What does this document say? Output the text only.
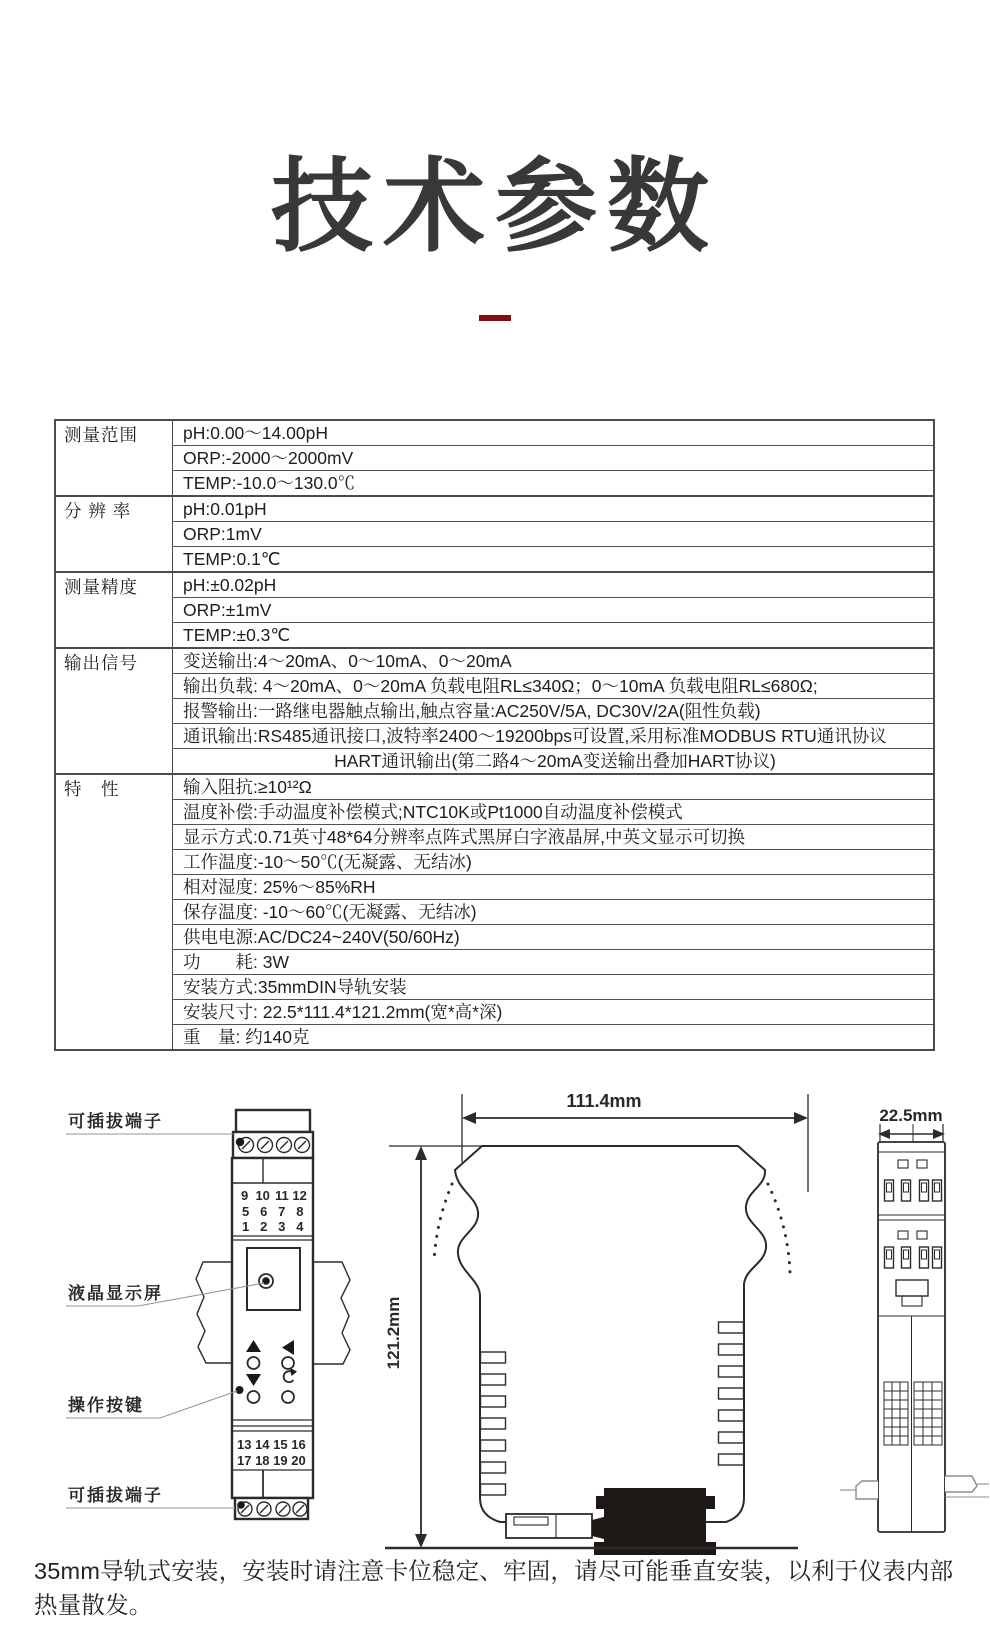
技术参数
测量范围	pH:0.00～14.00pH
	ORP:-2000～2000mV
	TEMP:-10.0～130.0℃
分 辨 率	pH:0.01pH
	ORP:1mV
	TEMP:0.1℃
测量精度	pH:±0.02pH
	ORP:±1mV
	TEMP:±0.3℃
输出信号	变送输出:4～20mA、0～10mA、0～20mA
	输出负载: 4～20mA、0～20mA 负载电阻RL≤340Ω；0～10mA 负载电阻RL≤680Ω;
	报警输出:一路继电器触点输出,触点容量:AC250V/5A, DC30V/2A(阻性负载)
	通讯输出:RS485通讯接口,波特率2400～19200bps可设置,采用标准MODBUS RTU通讯协议
	HART通讯输出(第二路4～20mA变送输出叠加HART协议)
特　性	输入阻抗:≥10¹²Ω
	温度补偿:手动温度补偿模式;NTC10K或Pt1000自动温度补偿模式
	显示方式:0.71英寸48*64分辨率点阵式黑屏白字液晶屏,中英文显示可切换
	工作温度:-10～50℃(无凝露、无结冰)
	相对湿度: 25%～85%RH
	保存温度: -10～60℃(无凝露、无结冰)
	供电电源:AC/DC24~240V(50/60Hz)
	功　　耗: 3W
	安装方式:35mmDIN导轨安装
	安装尺寸: 22.5*111.4*121.2mm(宽*高*深)
	重　量: 约140克
9  10 11 12
5   6   7   8
1   2   3   4
13 14 15 16
17 18 19 20
可插拔端子
液晶显示屏
操作按键
可插拔端子
111.4mm
121.2mm
22.5mm
35mm导轨式安装，安装时请注意卡位稳定、牢固，请尽可能垂直安装，以利于仪表内部热量散发。
